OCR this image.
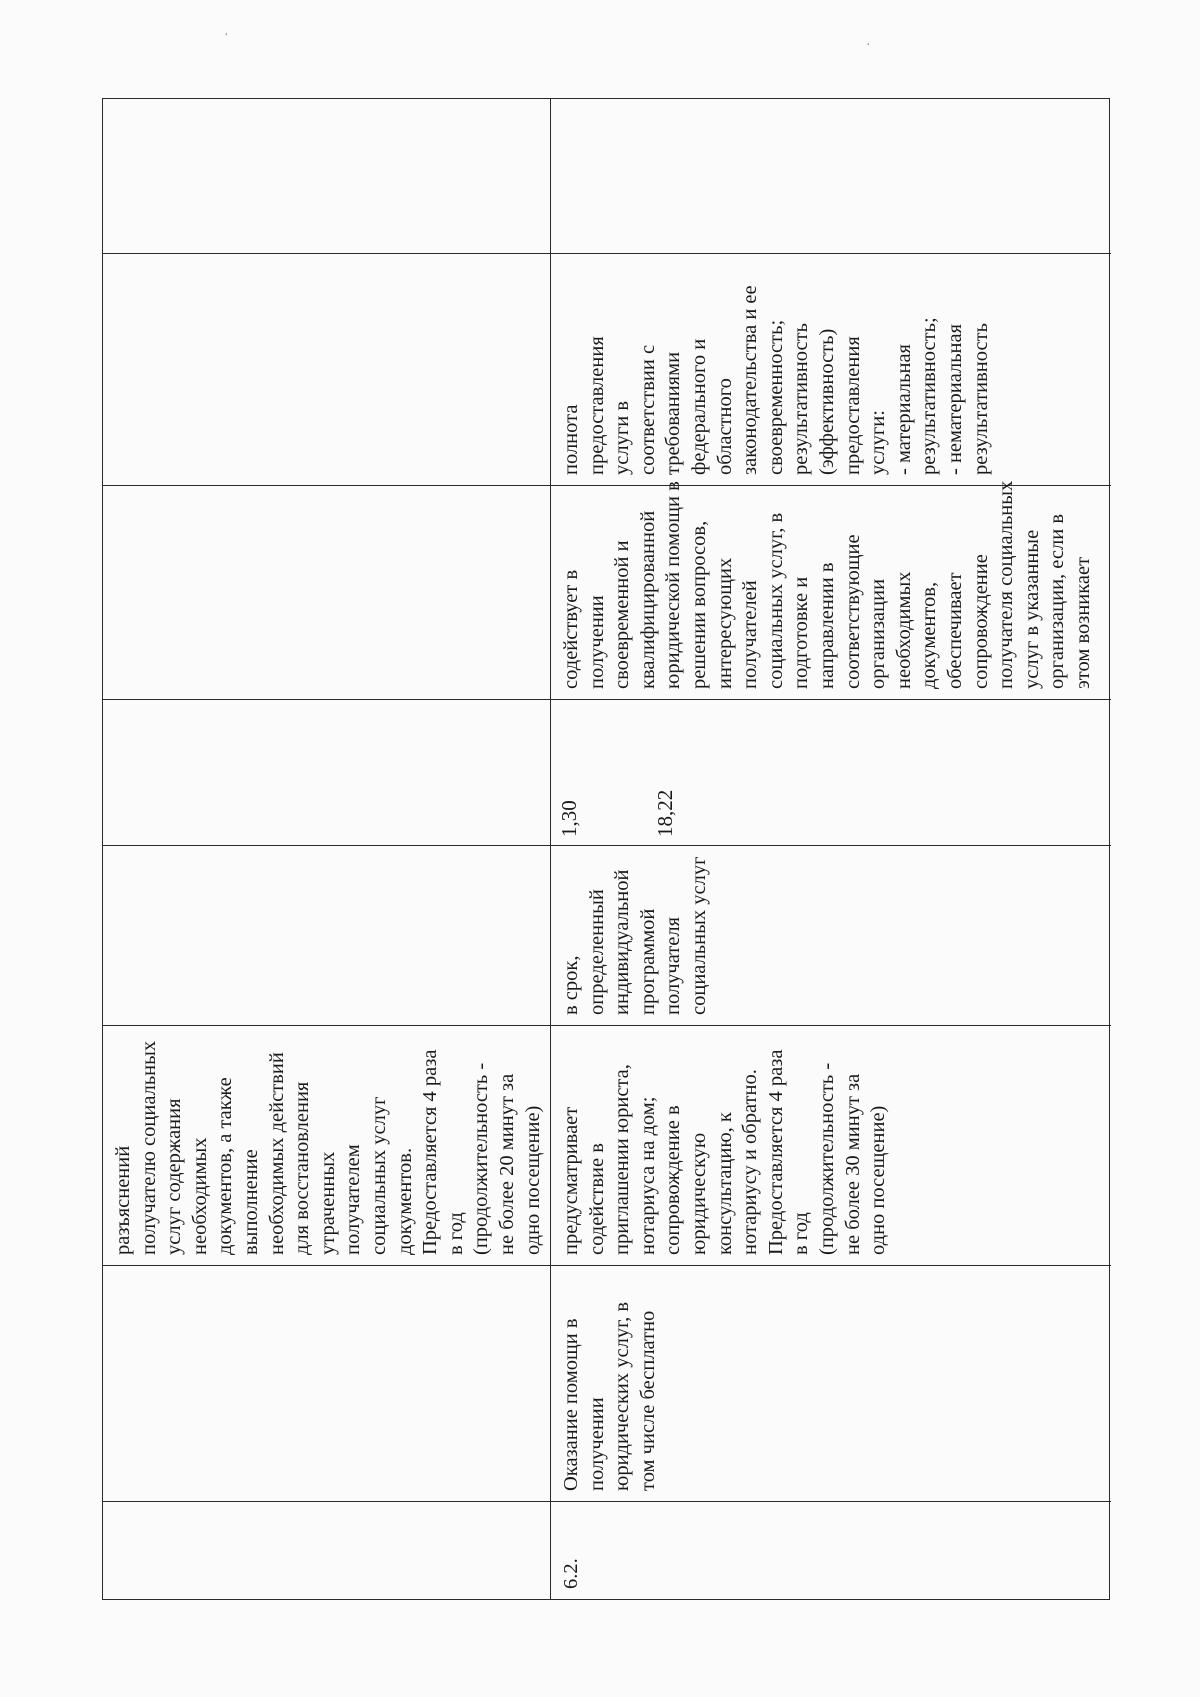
·
·
разъяснений получателю социальных услуг содержания необходимых документов, а также выполнение необходимых действий для восстановления утраченных получателем социальных услуг документов. Предоставляется 4 раза в год (продолжительность - не более 20 минут за одно посещение)
6.2.
Оказание помощи в получении юридических услуг, в том числе бесплатно
предусматривает содействие в приглашении юриста, нотариуса на дом; сопровождение в юридическую консультацию, к нотариусу и обратно. Предоставляется 4 раза в год (продолжительность - не более 30 минут за одно посещение)
в срок, определенный индивидуальной программой получателя социальных услуг
1,30	18,22
содействует в получении своевременной и квалифицированной юридической помощи в решении вопросов, интересующих получателей социальных услуг, в подготовке и направлении в соответствующие организации необходимых документов, обеспечивает сопровождение получателя социальных услуг в указанные организации, если в этом возникает
полнота предоставления услуги в соответствии с требованиями федерального и областного законодательства и ее своевременность; результативность (эффективность) предоставления услуги: - материальная результативность; - нематериальная результативность
